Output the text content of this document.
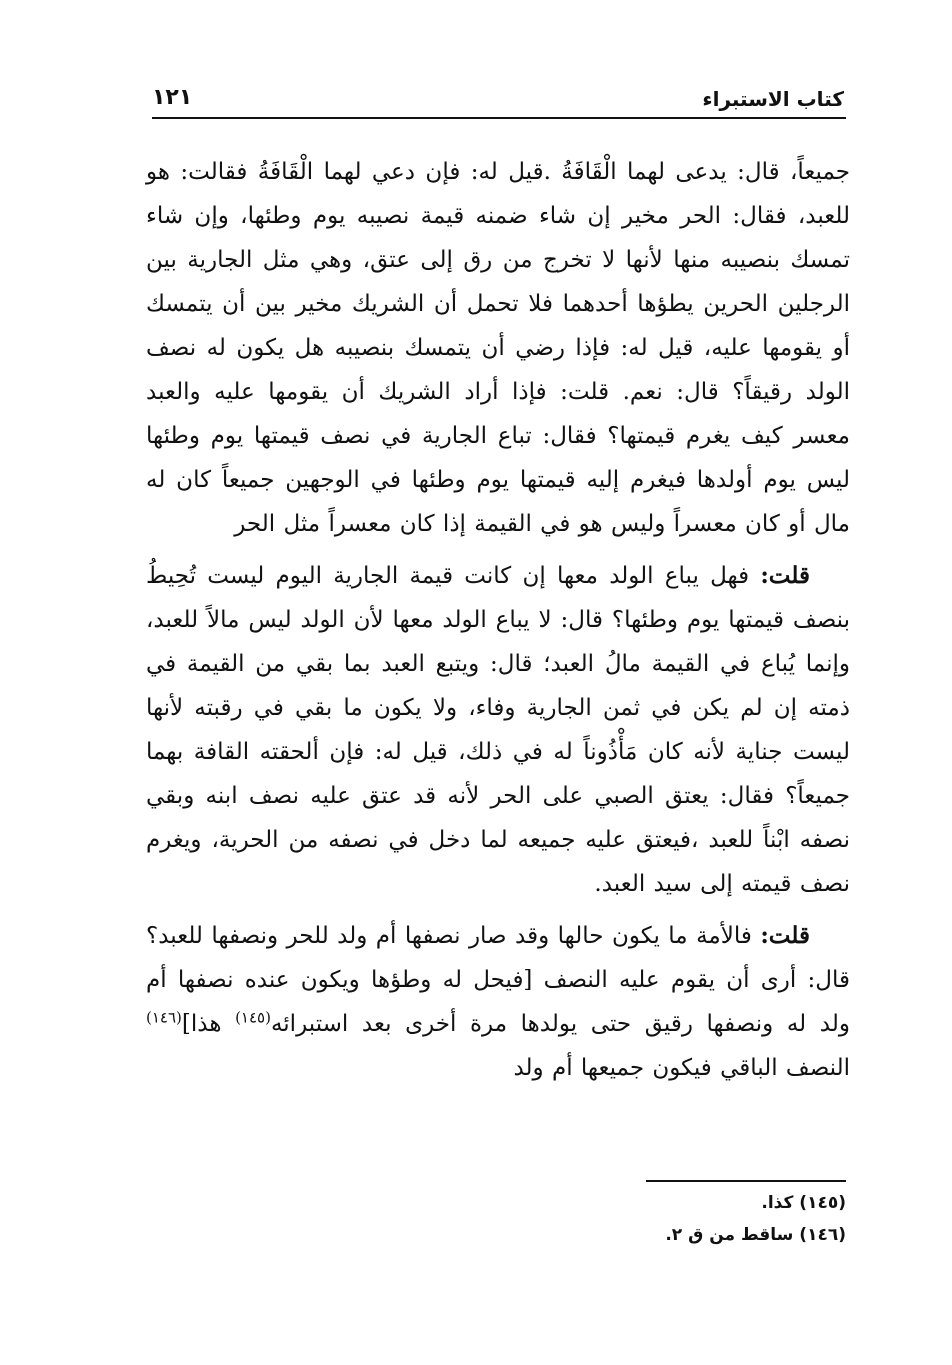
كتاب الاستبراء
١٢١

جميعاً، قال: يدعى لهما الْقَافَةُ .قيل له: فإن دعي لهما الْقَافَةُ فقالت: هو للعبد، فقال: الحر مخير إن شاء ضمنه قيمة نصيبه يوم وطئها، وإن شاء تمسك بنصيبه منها لأنها لا تخرج من رق إلى عتق، وهي مثل الجارية بين الرجلين الحرين يطؤها أحدهما فلا تحمل أن الشريك مخير بين أن يتمسك أو يقومها عليه، قيل له: فإذا رضي أن يتمسك بنصيبه هل يكون له نصف الولد رقيقاً؟ قال: نعم. قلت: فإذا أراد الشريك أن يقومها عليه والعبد معسر كيف يغرم قيمتها؟ فقال: تباع الجارية في نصف قيمتها يوم وطئها ليس يوم أولدها فيغرم إليه قيمتها يوم وطئها في الوجهين جميعاً كان له مال أو كان معسراً وليس هو في القيمة إذا كان معسراً مثل الحر

قلت: فهل يباع الولد معها إن كانت قيمة الجارية اليوم ليست تُحِيطُ بنصف قيمتها يوم وطئها؟ قال: لا يباع الولد معها لأن الولد ليس مالاً للعبد، وإنما يُباع في القيمة مالُ العبد؛ قال: ويتبع العبد بما بقي من القيمة في ذمته إن لم يكن في ثمن الجارية وفاء، ولا يكون ما بقي في رقبته لأنها ليست جناية لأنه كان مَأْذُوناً له في ذلك، قيل له: فإن ألحقته القافة بهما جميعاً؟ فقال: يعتق الصبي على الحر لأنه قد عتق عليه نصف ابنه وبقي نصفه ابْناً للعبد ،فيعتق عليه جميعه لما دخل في نصفه من الحرية، ويغرم نصف قيمته إلى سيد العبد.

قلت: فالأمة ما يكون حالها وقد صار نصفها أم ولد للحر ونصفها للعبد؟ قال: أرى أن يقوم عليه النصف [فيحل له وطؤها ويكون عنده نصفها أم ولد له ونصفها رقيق حتى يولدها مرة أخرى بعد استبرائه$^{(١٤٥)}$ هذا]$^{(١٤٦)}$ النصف الباقي فيكون جميعها أم ولد

(١٤٥) كذا.

(١٤٦) ساقط من ق ٢.
